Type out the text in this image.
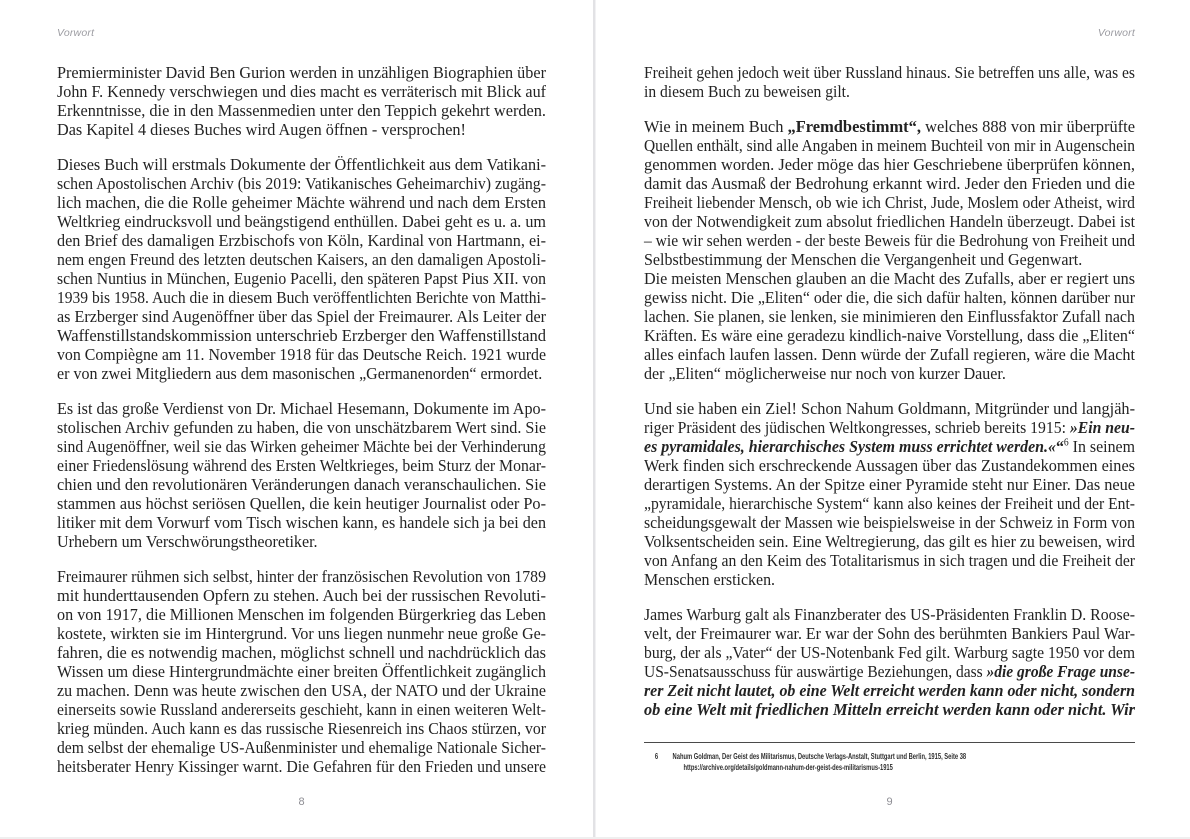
Vorwort
Premierminister David Ben Gurion werden in unzähligen Biographien über
John F. Kennedy verschwiegen und dies macht es verräterisch mit Blick auf
Erkenntnisse, die in den Massenmedien unter den Teppich gekehrt werden.
Das Kapitel 4 dieses Buches wird Augen öffnen - versprochen!
Dieses Buch will erstmals Dokumente der Öffentlichkeit aus dem Vatikani-
schen Apostolischen Archiv (bis 2019: Vatikanisches Geheimarchiv) zugäng-
lich machen, die die Rolle geheimer Mächte während und nach dem Ersten
Weltkrieg eindrucksvoll und beängstigend enthüllen. Dabei geht es u. a. um
den Brief des damaligen Erzbischofs von Köln, Kardinal von Hartmann, ei-
nem engen Freund des letzten deutschen Kaisers, an den damaligen Apostoli-
schen Nuntius in München, Eugenio Pacelli, den späteren Papst Pius XII. von
1939 bis 1958. Auch die in diesem Buch veröffentlichten Berichte von Matthi-
as Erzberger sind Augenöffner über das Spiel der Freimaurer. Als Leiter der
Waffenstillstandskommission unterschrieb Erzberger den Waffenstillstand
von Compiègne am 11. November 1918 für das Deutsche Reich. 1921 wurde
er von zwei Mitgliedern aus dem masonischen „Germanenorden“ ermordet.
Es ist das große Verdienst von Dr. Michael Hesemann, Dokumente im Apo-
stolischen Archiv gefunden zu haben, die von unschätzbarem Wert sind. Sie
sind Augenöffner, weil sie das Wirken geheimer Mächte bei der Verhinderung
einer Friedenslösung während des Ersten Weltkrieges, beim Sturz der Monar-
chien und den revolutionären Veränderungen danach veranschaulichen. Sie
stammen aus höchst seriösen Quellen, die kein heutiger Journalist oder Po-
litiker mit dem Vorwurf vom Tisch wischen kann, es handele sich ja bei den
Urhebern um Verschwörungstheoretiker.
Freimaurer rühmen sich selbst, hinter der französischen Revolution von 1789
mit hunderttausenden Opfern zu stehen. Auch bei der russischen Revoluti-
on von 1917, die Millionen Menschen im folgenden Bürgerkrieg das Leben
kostete, wirkten sie im Hintergrund. Vor uns liegen nunmehr neue große Ge-
fahren, die es notwendig machen, möglichst schnell und nachdrücklich das
Wissen um diese Hintergrundmächte einer breiten Öffentlichkeit zugänglich
zu machen. Denn was heute zwischen den USA, der NATO und der Ukraine
einerseits sowie Russland andererseits geschieht, kann in einen weiteren Welt-
krieg münden. Auch kann es das russische Riesenreich ins Chaos stürzen, vor
dem selbst der ehemalige US-Außenminister und ehemalige Nationale Sicher-
heitsberater Henry Kissinger warnt. Die Gefahren für den Frieden und unsere
8
Vorwort
Freiheit gehen jedoch weit über Russland hinaus. Sie betreffen uns alle, was es
in diesem Buch zu beweisen gilt.
Wie in meinem Buch „Fremdbestimmt“, welches 888 von mir überprüfte
Quellen enthält, sind alle Angaben in meinem Buchteil von mir in Augenschein
genommen worden. Jeder möge das hier Geschriebene überprüfen können,
damit das Ausmaß der Bedrohung erkannt wird. Jeder den Frieden und die
Freiheit liebender Mensch, ob wie ich Christ, Jude, Moslem oder Atheist, wird
von der Notwendigkeit zum absolut friedlichen Handeln überzeugt. Dabei ist
– wie wir sehen werden - der beste Beweis für die Bedrohung von Freiheit und
Selbstbestimmung der Menschen die Vergangenheit und Gegenwart.
Die meisten Menschen glauben an die Macht des Zufalls, aber er regiert uns
gewiss nicht. Die „Eliten“ oder die, die sich dafür halten, können darüber nur
lachen. Sie planen, sie lenken, sie minimieren den Einflussfaktor Zufall nach
Kräften. Es wäre eine geradezu kindlich-naive Vorstellung, dass die „Eliten“
alles einfach laufen lassen. Denn würde der Zufall regieren, wäre die Macht
der „Eliten“ möglicherweise nur noch von kurzer Dauer.
Und sie haben ein Ziel! Schon Nahum Goldmann, Mitgründer und langjäh-
riger Präsident des jüdischen Weltkongresses, schrieb bereits 1915: »Ein neu-
es pyramidales, hierarchisches System muss errichtet werden.«“$^6$ In seinem
Werk finden sich erschreckende Aussagen über das Zustandekommen eines
derartigen Systems. An der Spitze einer Pyramide steht nur Einer. Das neue
„pyramidale, hierarchische System“ kann also keines der Freiheit und der Ent-
scheidungsgewalt der Massen wie beispielsweise in der Schweiz in Form von
Volksentscheiden sein. Eine Weltregierung, das gilt es hier zu beweisen, wird
von Anfang an den Keim des Totalitarismus in sich tragen und die Freiheit der
Menschen ersticken.
James Warburg galt als Finanzberater des US-Präsidenten Franklin D. Roose-
velt, der Freimaurer war. Er war der Sohn des berühmten Bankiers Paul War-
burg, der als „Vater“ der US-Notenbank Fed gilt. Warburg sagte 1950 vor dem
US-Senatsausschuss für auswärtige Beziehungen, dass »die große Frage unse-
rer Zeit nicht lautet, ob eine Welt erreicht werden kann oder nicht, sondern
ob eine Welt mit friedlichen Mitteln erreicht werden kann oder nicht. Wir
6 Nahum Goldman, Der Geist des Militarismus, Deutsche Verlags-Anstalt, Stuttgart und Berlin, 1915, Seite 38
https://archive.org/details/goldmann-nahum-der-geist-des-militarismus-1915
9
